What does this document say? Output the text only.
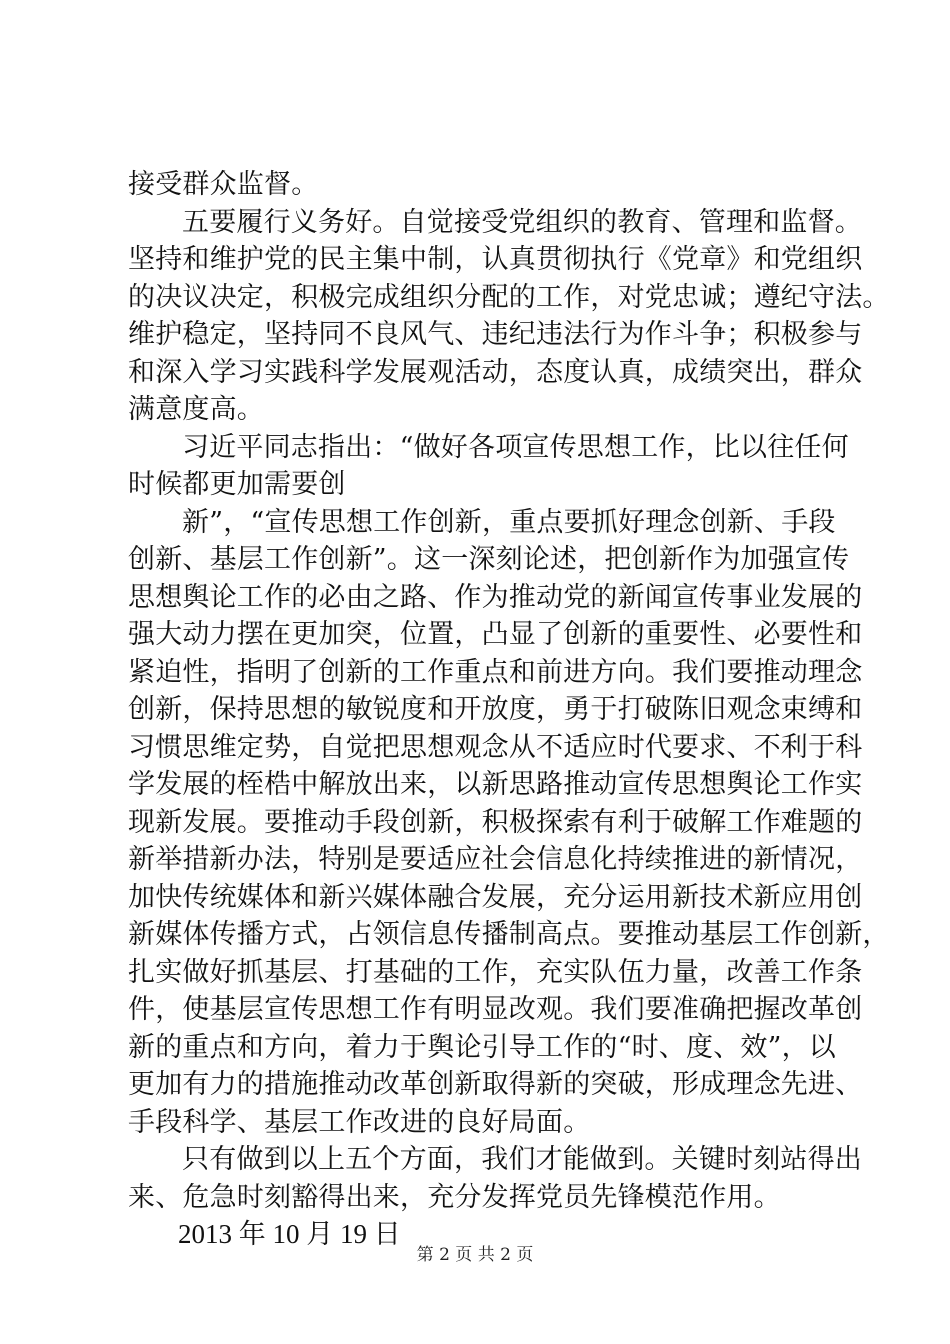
接受群众监督。
五要履行义务好。自觉接受党组织的教育、管理和监督。
坚持和维护党的民主集中制，认真贯彻执行《党章》和党组织
的决议决定，积极完成组织分配的工作，对党忠诚；遵纪守法。
维护稳定，坚持同不良风气、违纪违法行为作斗争；积极参与
和深入学习实践科学发展观活动，态度认真，成绩突出，群众
满意度高。
习近平同志指出：“做好各项宣传思想工作，比以往任何
时候都更加需要创
新”，“宣传思想工作创新，重点要抓好理念创新、手段
创新、基层工作创新”。这一深刻论述，把创新作为加强宣传
思想舆论工作的必由之路、作为推动党的新闻宣传事业发展的
强大动力摆在更加突，位置，凸显了创新的重要性、必要性和
紧迫性，指明了创新的工作重点和前进方向。我们要推动理念
创新，保持思想的敏锐度和开放度，勇于打破陈旧观念束缚和
习惯思维定势，自觉把思想观念从不适应时代要求、不利于科
学发展的桎梏中解放出来，以新思路推动宣传思想舆论工作实
现新发展。要推动手段创新，积极探索有利于破解工作难题的
新举措新办法，特别是要适应社会信息化持续推进的新情况，
加快传统媒体和新兴媒体融合发展，充分运用新技术新应用创
新媒体传播方式，占领信息传播制高点。要推动基层工作创新，
扎实做好抓基层、打基础的工作，充实队伍力量，改善工作条
件，使基层宣传思想工作有明显改观。我们要准确把握改革创
新的重点和方向，着力于舆论引导工作的“时、度、效”，以
更加有力的措施推动改革创新取得新的突破，形成理念先进、
手段科学、基层工作改进的良好局面。
只有做到以上五个方面，我们才能做到。关键时刻站得出
来、危急时刻豁得出来，充分发挥党员先锋模范作用。
2013 年 10 月 19 日
第 2 页 共 2 页
